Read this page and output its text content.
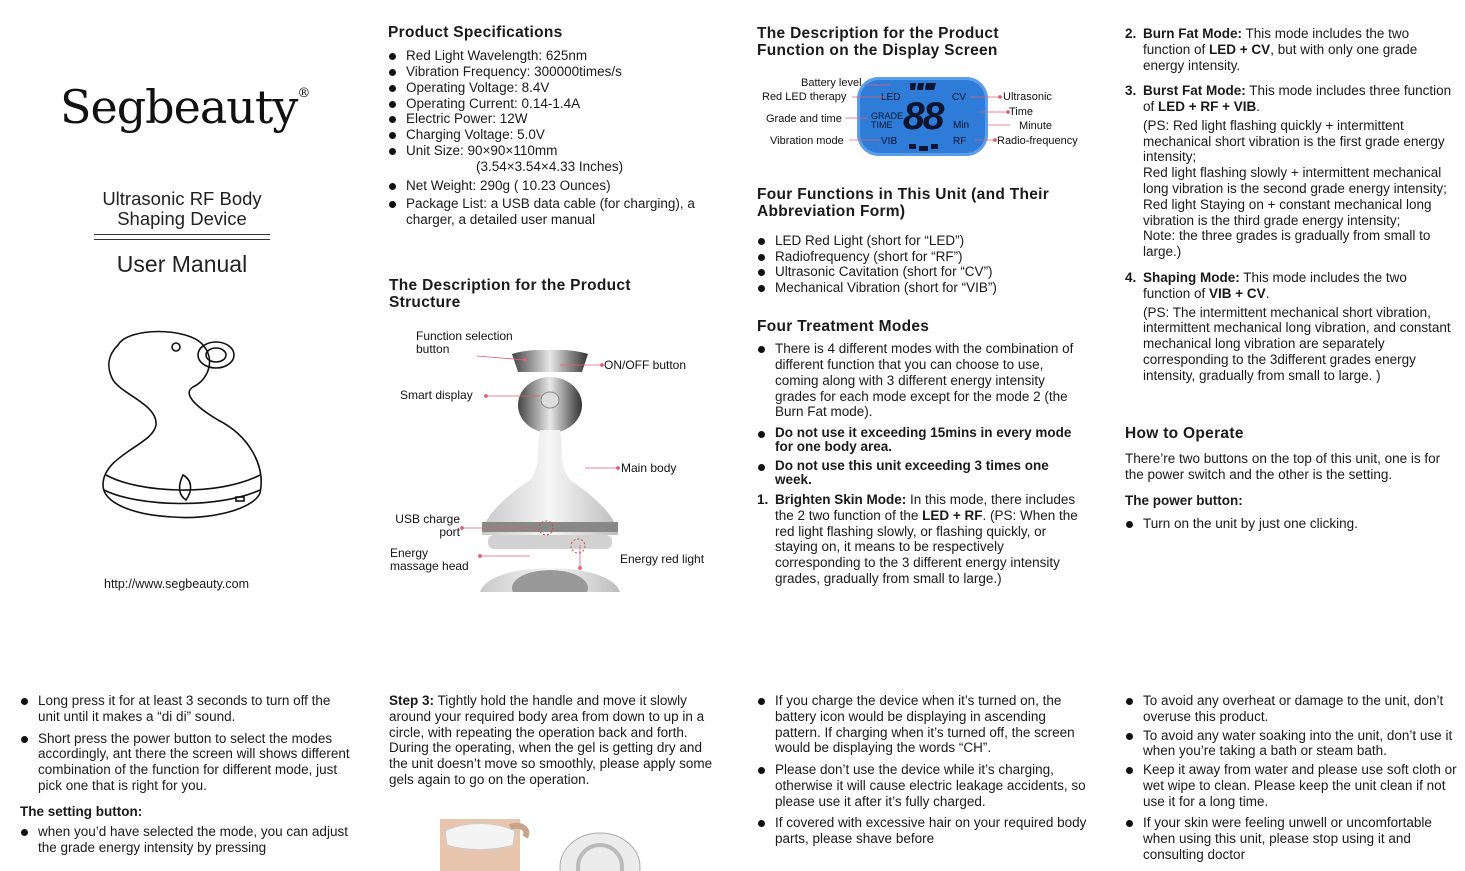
Segbeauty®
Ultrasonic RF Body Shaping Device
User Manual
http://www.segbeauty.com
Product Specifications
Red Light Wavelength: 625nm
Vibration Frequency: 300000times/s
Operating Voltage: 8.4V
Operating Current: 0.14-1.4A
Electric Power: 12W
Charging Voltage: 5.0V
Unit Size: 90×90×110mm
(3.54×3.54×4.33 Inches)
Net Weight: 290g ( 10.23 Ounces)
Package List: a USB data cable (for charging), a charger, a detailed user manual
The Description for the Product Structure
Function selection button
ON/OFF button
Smart display
Main body
USB charge port
Energy massage head
Energy red light
The Description for the Product Function on the Display Screen
Battery level
Red LED therapy
Grade and time
Vibration mode
Ultrasonic
Time
Minute
Radio-frequency
LED	CV
GRADE
TIME 88 Min
VIB	RF
Four Functions in This Unit (and Their Abbreviation Form)
LED Red Light (short for “LED”)
Radiofrequency (short for “RF”)
Ultrasonic Cavitation (short for “CV”)
Mechanical Vibration (short for “VIB”)
Four Treatment Modes
There is 4 different modes with the combination of different function that you can choose to use, coming along with 3 different energy intensity grades for each mode except for the mode 2 (the Burn Fat mode).
Do not use it exceeding 15mins in every mode for one body area.
Do not use this unit exceeding 3 times one week.
1. Brighten Skin Mode: In this mode, there includes the 2 two function of the LED + RF. (PS: When the red light flashing slowly, or flashing quickly, or staying on, it means to be respectively corresponding to the 3 different energy intensity grades, gradually from small to large.)
2. Burn Fat Mode: This mode includes the two function of LED + CV, but with only one grade energy intensity.
3. Burst Fat Mode: This mode includes three function of LED + RF + VIB.
(PS: Red light flashing quickly + intermittent mechanical short vibration is the first grade energy intensity;
Red light flashing slowly + intermittent mechanical long vibration is the second grade energy intensity;
Red light Staying on + constant mechanical long vibration is the third grade energy intensity;
Note: the three grades is gradually from small to large.)
4. Shaping Mode: This mode includes the two function of VIB + CV.
(PS: The intermittent mechanical short vibration, intermittent mechanical long vibration, and constant mechanical long vibration are separately corresponding to the 3different grades energy intensity, gradually from small to large. )
How to Operate
There’re two buttons on the top of this unit, one is for the power switch and the other is the setting.
The power button:
Turn on the unit by just one clicking.
Long press it for at least 3 seconds to turn off the unit until it makes a “di di” sound.
Short press the power button to select the modes accordingly, ant there the screen will shows different combination of the function for different mode, just pick one that is right for you.
The setting button:
when you’d have selected the mode, you can adjust the grade energy intensity by pressing
Step 3: Tightly hold the handle and move it slowly around your required body area from down to up in a circle, with repeating the operation back and forth. During the operating, when the gel is getting dry and the unit doesn’t move so smoothly, please apply some gels again to go on the operation.
If you charge the device when it’s turned on, the battery icon would be displaying in ascending pattern. If charging when it’s turned off, the screen would be displaying the words “CH”.
Please don’t use the device while it’s charging, otherwise it will cause electric leakage accidents, so please use it after it’s fully charged.
If covered with excessive hair on your required body parts, please shave before
To avoid any overheat or damage to the unit, don’t overuse this product.
To avoid any water soaking into the unit, don’t use it when you’re taking a bath or steam bath.
Keep it away from water and please use soft cloth or wet wipe to clean. Please keep the unit clean if not use it for a long time.
If your skin were feeling unwell or uncomfortable when using this unit, please stop using it and consulting doctor
